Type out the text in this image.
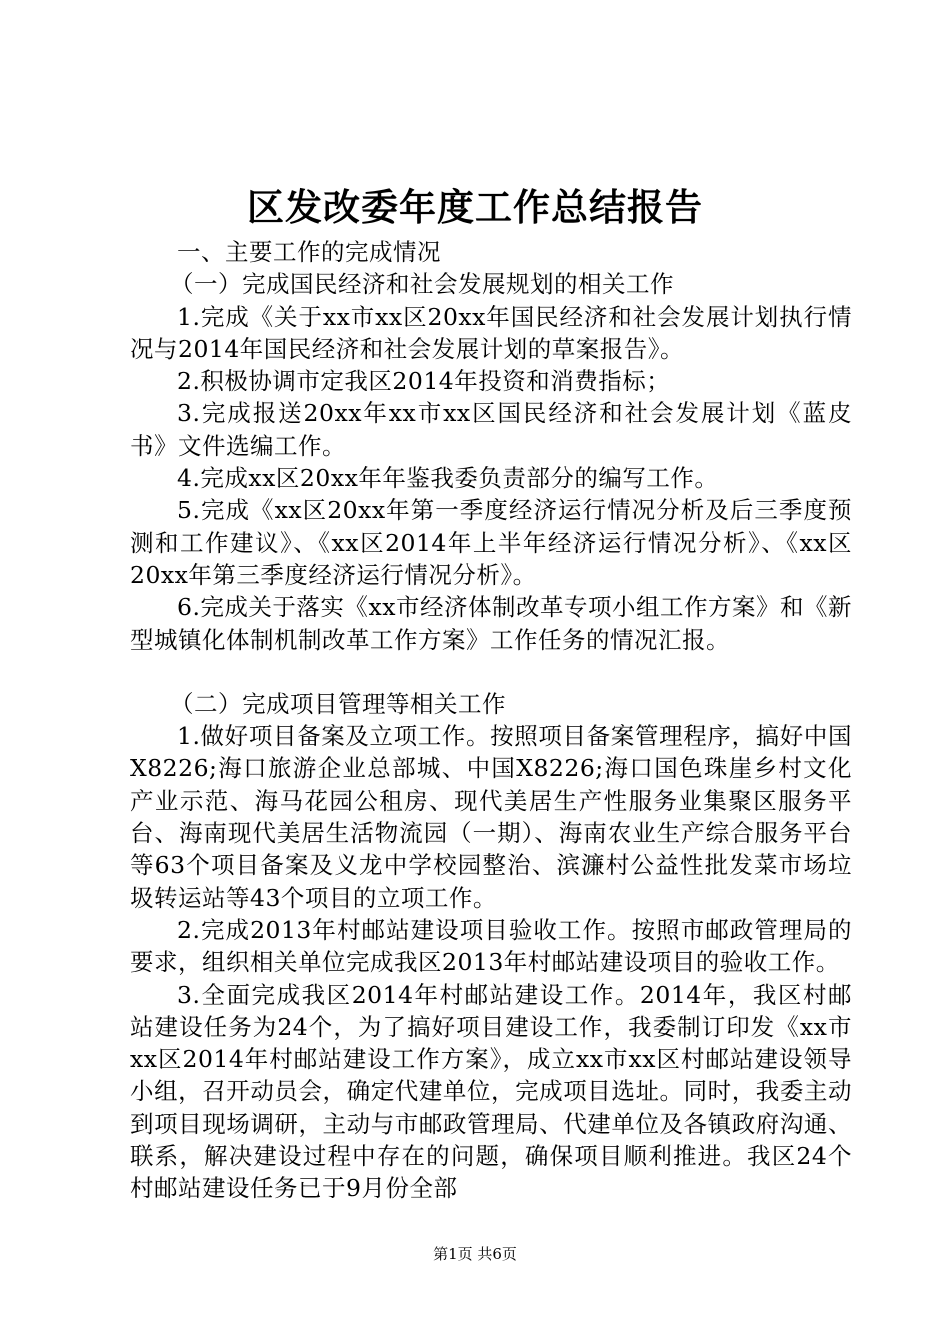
区发改委年度工作总结报告

一、主要工作的完成情况

（一）完成国民经济和社会发展规划的相关工作

1.完成《关于xx市xx区20xx年国民经济和社会发展计划执行情况与2014年国民经济和社会发展计划的草案报告》。

2.积极协调市定我区2014年投资和消费指标；

3.完成报送20xx年xx市xx区国民经济和社会发展计划《蓝皮书》文件选编工作。

4.完成xx区20xx年年鉴我委负责部分的编写工作。

5.完成《xx区20xx年第一季度经济运行情况分析及后三季度预测和工作建议》、《xx区2014年上半年经济运行情况分析》、《xx区20xx年第三季度经济运行情况分析》。

6.完成关于落实《xx市经济体制改革专项小组工作方案》和《新型城镇化体制机制改革工作方案》工作任务的情况汇报。

（二）完成项目管理等相关工作

1.做好项目备案及立项工作。按照项目备案管理程序，搞好中国X8226;海口旅游企业总部城、中国X8226;海口国色珠崖乡村文化产业示范、海马花园公租房、现代美居生产性服务业集聚区服务平台、海南现代美居生活物流园（一期）、海南农业生产综合服务平台等63个项目备案及义龙中学校园整治、滨濂村公益性批发菜市场垃圾转运站等43个项目的立项工作。

2.完成2013年村邮站建设项目验收工作。按照市邮政管理局的要求，组织相关单位完成我区2013年村邮站建设项目的验收工作。

3.全面完成我区2014年村邮站建设工作。2014年，我区村邮站建设任务为24个，为了搞好项目建设工作，我委制订印发《xx市xx区2014年村邮站建设工作方案》，成立xx市xx区村邮站建设领导小组，召开动员会，确定代建单位，完成项目选址。同时，我委主动到项目现场调研，主动与市邮政管理局、代建单位及各镇政府沟通、联系，解决建设过程中存在的问题，确保项目顺利推进。我区24个村邮站建设任务已于9月份全部

第1页 共6页
